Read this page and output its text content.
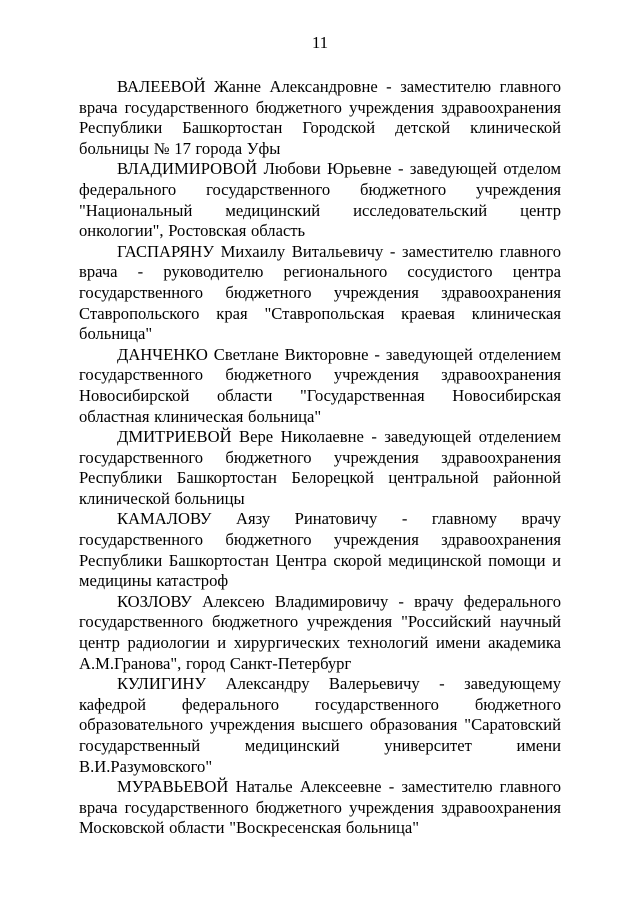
11

ВАЛЕЕВОЙ Жанне Александровне - заместителю главного врача государственного бюджетного учреждения здравоохранения Республики Башкортостан Городской детской клинической больницы № 17 города Уфы

ВЛАДИМИРОВОЙ Любови Юрьевне - заведующей отделом федерального государственного бюджетного учреждения "Национальный медицинский исследовательский центр онкологии", Ростовская область

ГАСПАРЯНУ Михаилу Витальевичу - заместителю главного врача - руководителю регионального сосудистого центра государственного бюджетного учреждения здравоохранения Ставропольского края "Ставропольская краевая клиническая больница"

ДАНЧЕНКО Светлане Викторовне - заведующей отделением государственного бюджетного учреждения здравоохранения Новосибирской области "Государственная Новосибирская областная клиническая больница"

ДМИТРИЕВОЙ Вере Николаевне - заведующей отделением государственного бюджетного учреждения здравоохранения Республики Башкортостан Белорецкой центральной районной клинической больницы

КАМАЛОВУ Аязу Ринатовичу - главному врачу государственного бюджетного учреждения здравоохранения Республики Башкортостан Центра скорой медицинской помощи и медицины катастроф

КОЗЛОВУ Алексею Владимировичу - врачу федерального государственного бюджетного учреждения "Российский научный центр радиологии и хирургических технологий имени академика А.М.Гранова", город Санкт-Петербург

КУЛИГИНУ Александру Валерьевичу - заведующему кафедрой федерального государственного бюджетного образовательного учреждения высшего образования "Саратовский государственный медицинский университет имени В.И.Разумовского"

МУРАВЬЕВОЙ Наталье Алексеевне - заместителю главного врача государственного бюджетного учреждения здравоохранения Московской области "Воскресенская больница"
